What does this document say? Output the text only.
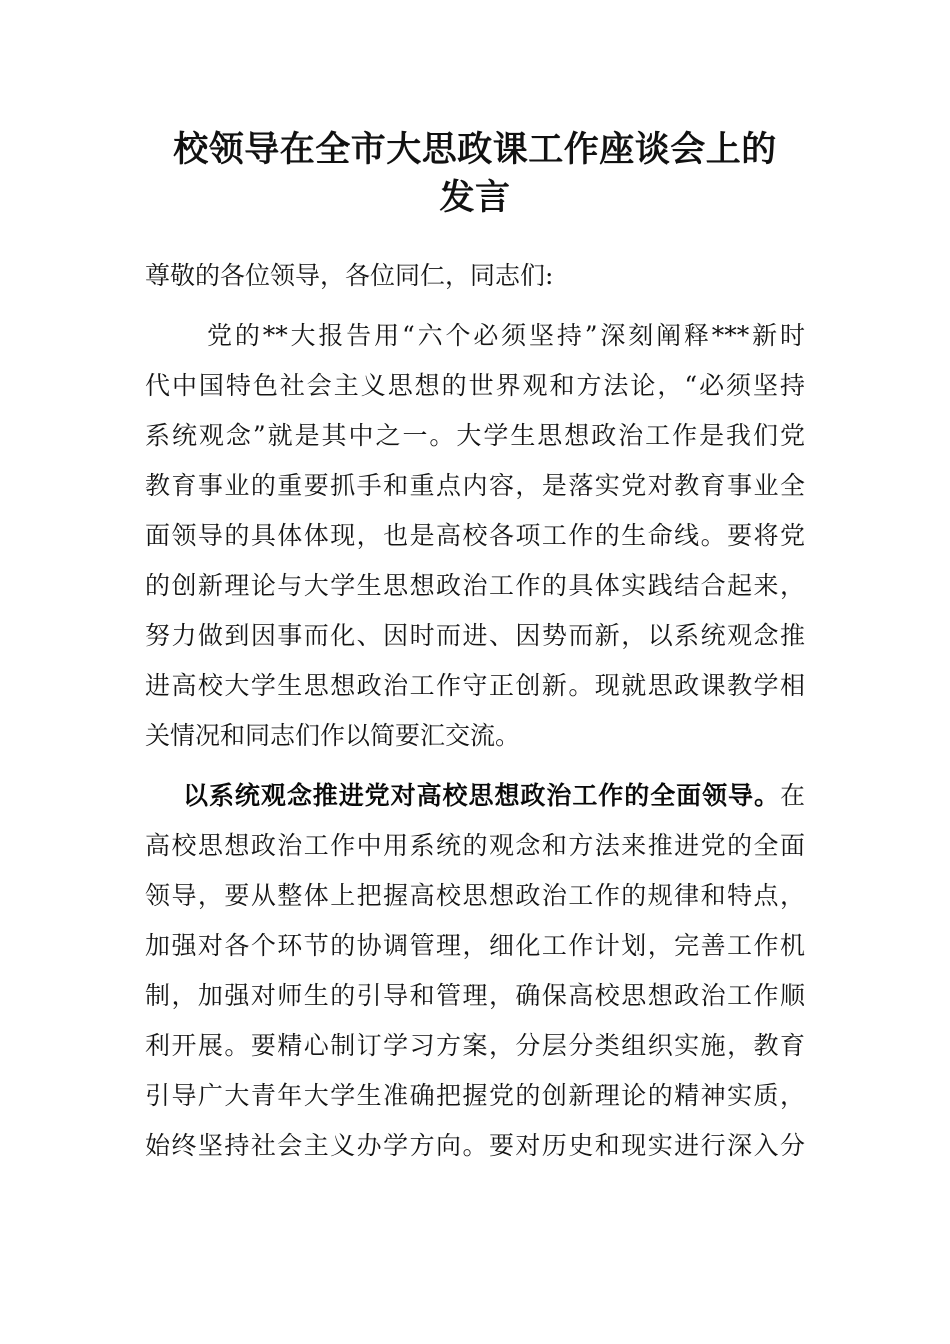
校领导在全市大思政课工作座谈会上的
发言
尊敬的各位领导，各位同仁，同志们:
党的**大报告用“六个必须坚持”深刻阐释***新时
代中国特色社会主义思想的世界观和方法论，“必须坚持
系统观念”就是其中之一。大学生思想政治工作是我们党
教育事业的重要抓手和重点内容，是落实党对教育事业全
面领导的具体体现，也是高校各项工作的生命线。要将党
的创新理论与大学生思想政治工作的具体实践结合起来，
努力做到因事而化、因时而进、因势而新，以系统观念推
进高校大学生思想政治工作守正创新。现就思政课教学相
关情况和同志们作以简要汇交流。
以系统观念推进党对高校思想政治工作的全面领导。在
高校思想政治工作中用系统的观念和方法来推进党的全面
领导，要从整体上把握高校思想政治工作的规律和特点，
加强对各个环节的协调管理，细化工作计划，完善工作机
制，加强对师生的引导和管理，确保高校思想政治工作顺
利开展。要精心制订学习方案，分层分类组织实施，教育
引导广大青年大学生准确把握党的创新理论的精神实质，
始终坚持社会主义办学方向。要对历史和现实进行深入分
